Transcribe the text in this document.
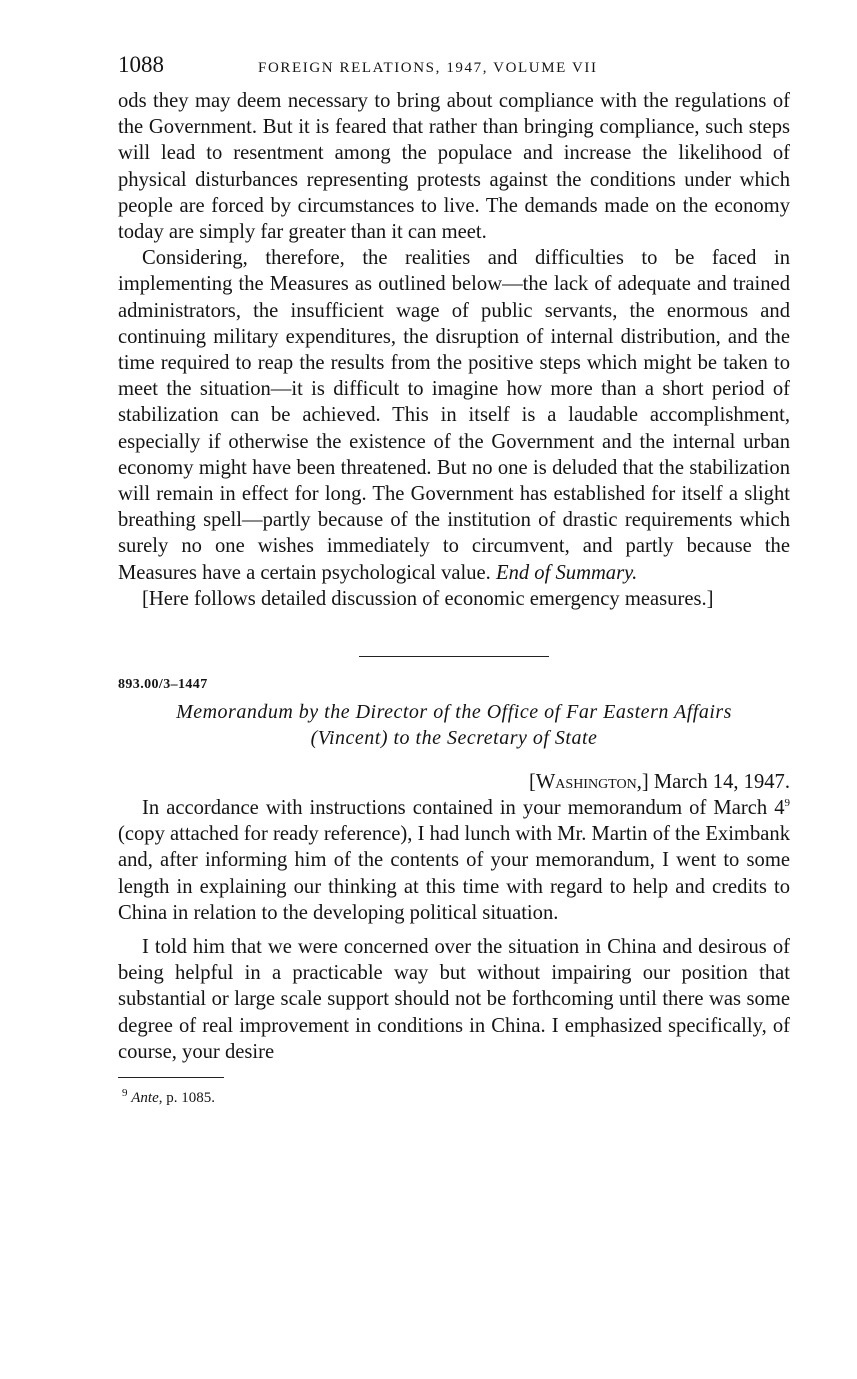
1088	FOREIGN RELATIONS, 1947, VOLUME VII

ods they may deem necessary to bring about compliance with the regulations of the Government. But it is feared that rather than bringing compliance, such steps will lead to resentment among the populace and increase the likelihood of physical disturbances representing protests against the conditions under which people are forced by circumstances to live. The demands made on the economy today are simply far greater than it can meet.

Considering, therefore, the realities and difficulties to be faced in implementing the Measures as outlined below—the lack of adequate and trained administrators, the insufficient wage of public servants, the enormous and continuing military expenditures, the disruption of internal distribution, and the time required to reap the results from the positive steps which might be taken to meet the situation—it is difficult to imagine how more than a short period of stabilization can be achieved. This in itself is a laudable accomplishment, especially if otherwise the existence of the Government and the internal urban economy might have been threatened. But no one is deluded that the stabilization will remain in effect for long. The Government has established for itself a slight breathing spell—partly because of the institution of drastic requirements which surely no one wishes immediately to circumvent, and partly because the Measures have a certain psychological value. End of Summary.

[Here follows detailed discussion of economic emergency measures.]

893.00/3–1447
Memorandum by the Director of the Office of Far Eastern Affairs
(Vincent) to the Secretary of State
[Washington,] March 14, 1947.

In accordance with instructions contained in your memorandum of March $4^9$ (copy attached for ready reference), I had lunch with Mr. Martin of the Eximbank and, after informing him of the contents of your memorandum, I went to some length in explaining our thinking at this time with regard to help and credits to China in relation to the developing political situation.

I told him that we were concerned over the situation in China and desirous of being helpful in a practicable way but without impairing our position that substantial or large scale support should not be forthcoming until there was some degree of real improvement in conditions in China. I emphasized specifically, of course, your desire

$^9$ Ante, p. 1085.
